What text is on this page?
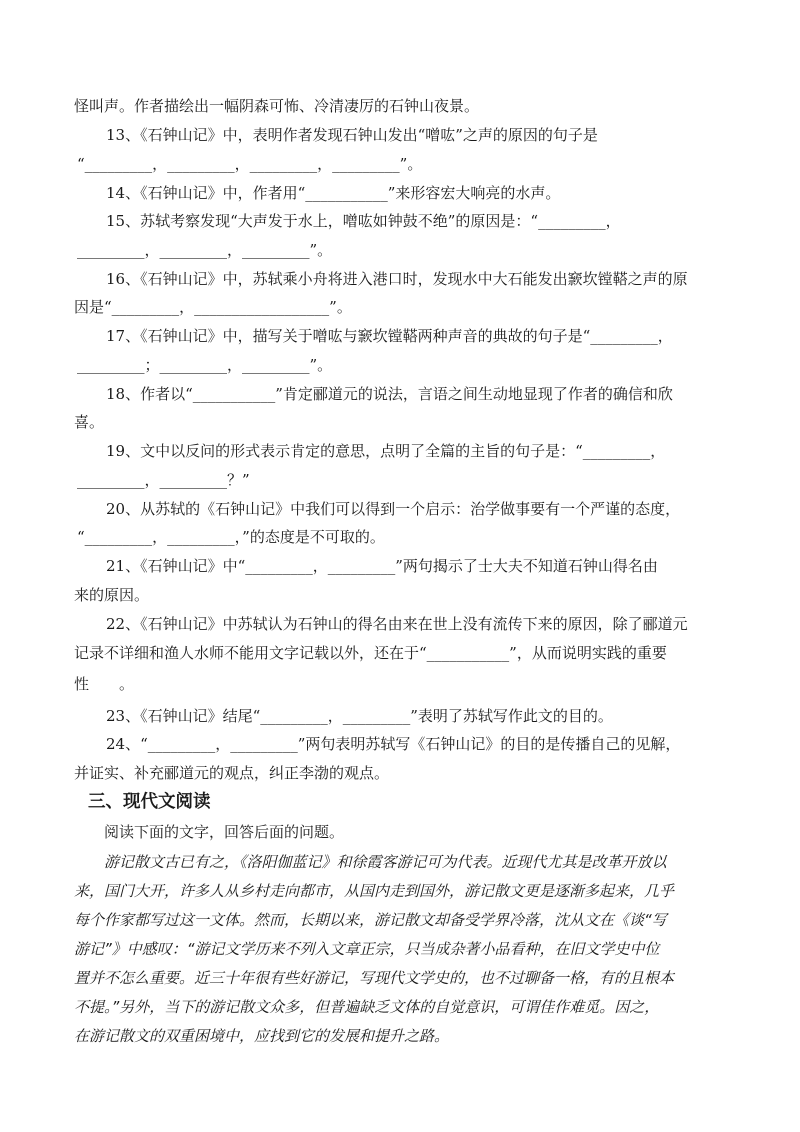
怪叫声。作者描绘出一幅阴森可怖、冷清凄厉的石钟山夜景。
13、《石钟山记》中，表明作者发现石钟山发出“噌吰”之声的原因的句子是
“_________，_________，_________，_________”。
14、《石钟山记》中，作者用“___________”来形容宏大响亮的水声。
15、苏轼考察发现“大声发于水上，噌吰如钟鼓不绝”的原因是：“_________，
_________，_________，_________”。
16、《石钟山记》中，苏轼乘小舟将进入港口时，发现水中大石能发出窾坎镗鞳之声的原
因是“_________，__________________”。
17、《石钟山记》中，描写关于噌吰与窾坎镗鞳两种声音的典故的句子是“_________，
_________；_________，_________”。
18、作者以“___________”肯定郦道元的说法，言语之间生动地显现了作者的确信和欣
喜。
19、文中以反问的形式表示肯定的意思，点明了全篇的主旨的句子是：“_________，
_________，_________？”
20、从苏轼的《石钟山记》中我们可以得到一个启示：治学做事要有一个严谨的态度，
“_________，_________，”的态度是不可取的。
21、《石钟山记》中“_________，_________”两句揭示了士大夫不知道石钟山得名由
来的原因。
22、《石钟山记》中苏轼认为石钟山的得名由来在世上没有流传下来的原因，除了郦道元
记录不详细和渔人水师不能用文字记载以外，还在于“___________”，从而说明实践的重要
性　　。
23、《石钟山记》结尾“_________，_________”表明了苏轼写作此文的目的。
24、“_________，_________”两句表明苏轼写《石钟山记》的目的是传播自己的见解，
并证实、补充郦道元的观点，纠正李渤的观点。
三、现代文阅读
阅读下面的文字，回答后面的问题。
游记散文古已有之，《洛阳伽蓝记》和徐霞客游记可为代表。近现代尤其是改革开放以
来，国门大开，许多人从乡村走向都市，从国内走到国外，游记散文更是逐渐多起来，几乎
每个作家都写过这一文体。然而，长期以来，游记散文却备受学界冷落，沈从文在《谈“写
游记”》中感叹：“游记文学历来不列入文章正宗，只当成杂著小品看种，在旧文学史中位
置并不怎么重要。近三十年很有些好游记，写现代文学史的，也不过聊备一格，有的且根本
不提。”另外，当下的游记散文众多，但普遍缺乏文体的自觉意识，可谓佳作难觅。因之，
在游记散文的双重困境中，应找到它的发展和提升之路。
